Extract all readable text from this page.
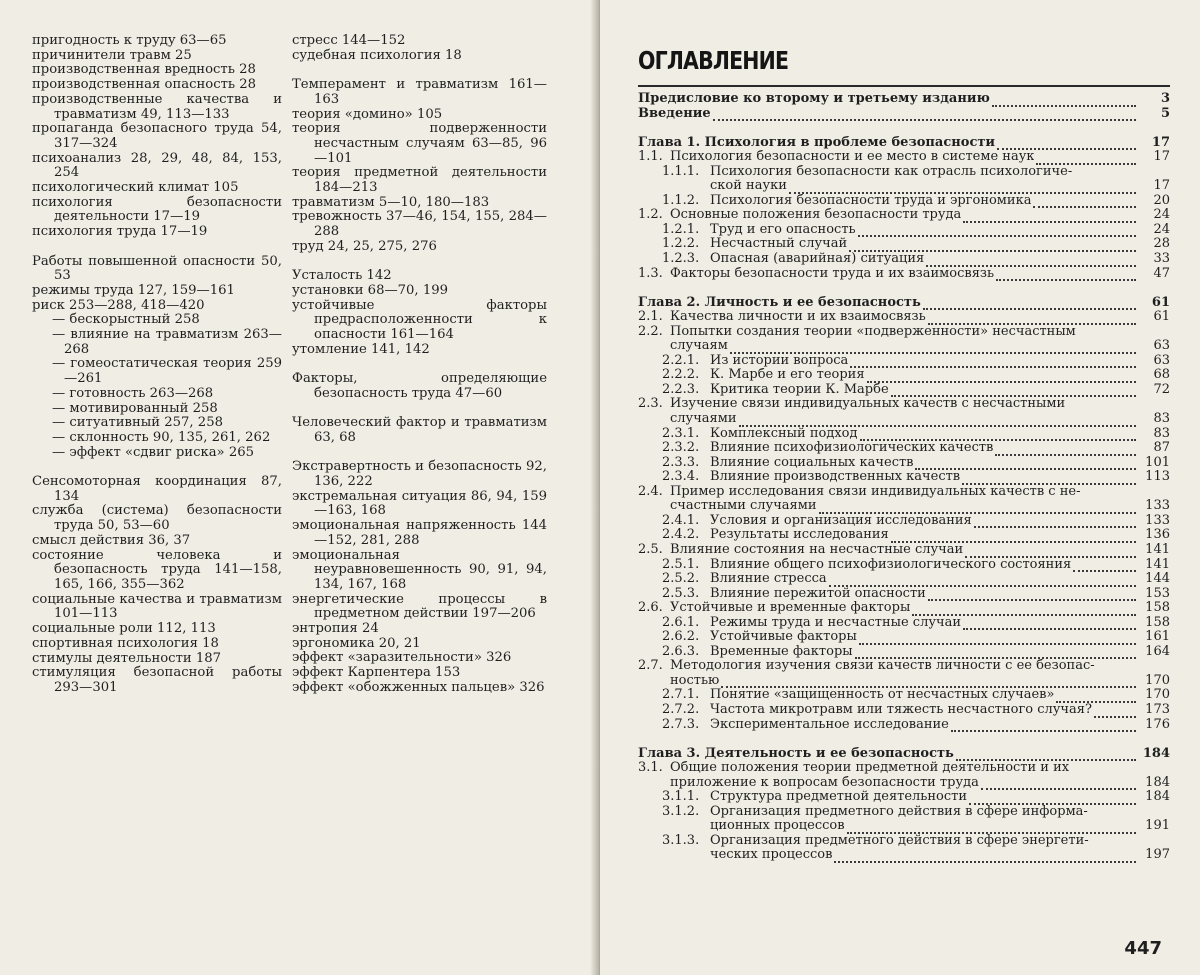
пригодность к труду 63—65
причинители травм 25
производственная вредность 28
производственная опасность 28
производственные качества и травматизм 49, 113—133
пропаганда безопасного труда 54, 317—324
психоанализ 28, 29, 48, 84, 153, 254
психологический климат 105
психология безопасности деятельности 17—19
психология труда 17—19
Работы повышенной опасности 50, 53
режимы труда 127, 159—161
риск 253—288, 418—420
— бескорыстный 258
— влияние на травматизм 263—268
— гомеостатическая теория 259—261
— готовность 263—268
— мотивированный 258
— ситуативный 257, 258
— склонность 90, 135, 261, 262
— эффект «сдвиг риска» 265
Сенсомоторная координация 87, 134
служба (система) безопасности труда 50, 53—60
смысл действия 36, 37
состояние человека и безопасность труда 141—158, 165, 166, 355—362
социальные качества и травматизм 101—113
социальные роли 112, 113
спортивная психология 18
стимулы деятельности 187
стимуляция безопасной работы 293—301
стресс 144—152
судебная психология 18
Темперамент и травматизм 161—163
теория «домино» 105
теория подверженности несчастным случаям 63—85, 96—101
теория предметной деятельности 184—213
травматизм 5—10, 180—183
тревожность 37—46, 154, 155, 284—288
труд 24, 25, 275, 276
Усталость 142
установки 68—70, 199
устойчивые факторы предрасположенности к опасности 161—164
утомление 141, 142
Факторы, определяющие безопасность труда 47—60
Человеческий фактор и травматизм 63, 68
Экстравертность и безопасность 92, 136, 222
экстремальная ситуация 86, 94, 159—163, 168
эмоциональная напряженность 144—152, 281, 288
эмоциональная неуравновешенность 90, 91, 94, 134, 167, 168
энергетические процессы в предметном действии 197—206
энтропия 24
эргономика 20, 21
эффект «заразительности» 326
эффект Карпентера 153
эффект «обожженных пальцев» 326
ОГЛАВЛЕНИЕ
Предисловие ко второму и третьему изданию	3
Введение	5
Глава 1. Психология в проблеме безопасности	17
1.1. Психология безопасности и ее место в системе наук	17
1.1.1. Психология безопасности как отрасль психологиче-
ской науки	17
1.1.2. Психология безопасности труда и эргономика	20
1.2. Основные положения безопасности труда	24
1.2.1. Труд и его опасность	24
1.2.2. Несчастный случай	28
1.2.3. Опасная (аварийная) ситуация	33
1.3. Факторы безопасности труда и их взаимосвязь	47
Глава 2. Личность и ее безопасность	61
2.1. Качества личности и их взаимосвязь	61
2.2. Попытки создания теории «подверженности» несчастным
случаям	63
2.2.1. Из истории вопроса	63
2.2.2. К. Марбе и его теория	68
2.2.3. Критика теории К. Марбе	72
2.3. Изучение связи индивидуальных качеств с несчастными
случаями	83
2.3.1. Комплексный подход	83
2.3.2. Влияние психофизиологических качеств	87
2.3.3. Влияние социальных качеств	101
2.3.4. Влияние производственных качеств	113
2.4. Пример исследования связи индивидуальных качеств с не-
счастными случаями	133
2.4.1. Условия и организация исследования	133
2.4.2. Результаты исследования	136
2.5. Влияние состояния на несчастные случаи	141
2.5.1. Влияние общего психофизиологического состояния	141
2.5.2. Влияние стресса	144
2.5.3. Влияние пережитой опасности	153
2.6. Устойчивые и временные факторы	158
2.6.1. Режимы труда и несчастные случаи	158
2.6.2. Устойчивые факторы	161
2.6.3. Временные факторы	164
2.7. Методология изучения связи качеств личности с ее безопас-
ностью	170
2.7.1. Понятие «защищенность от несчастных случаев»	170
2.7.2. Частота микротравм или тяжесть несчастного случая?	173
2.7.3. Экспериментальное исследование	176
Глава 3. Деятельность и ее безопасность	184
3.1. Общие положения теории предметной деятельности и их
приложение к вопросам безопасности труда	184
3.1.1. Структура предметной деятельности	184
3.1.2. Организация предметного действия в сфере информа-
ционных процессов	191
3.1.3. Организация предметного действия в сфере энергети-
ческих процессов	197
447
